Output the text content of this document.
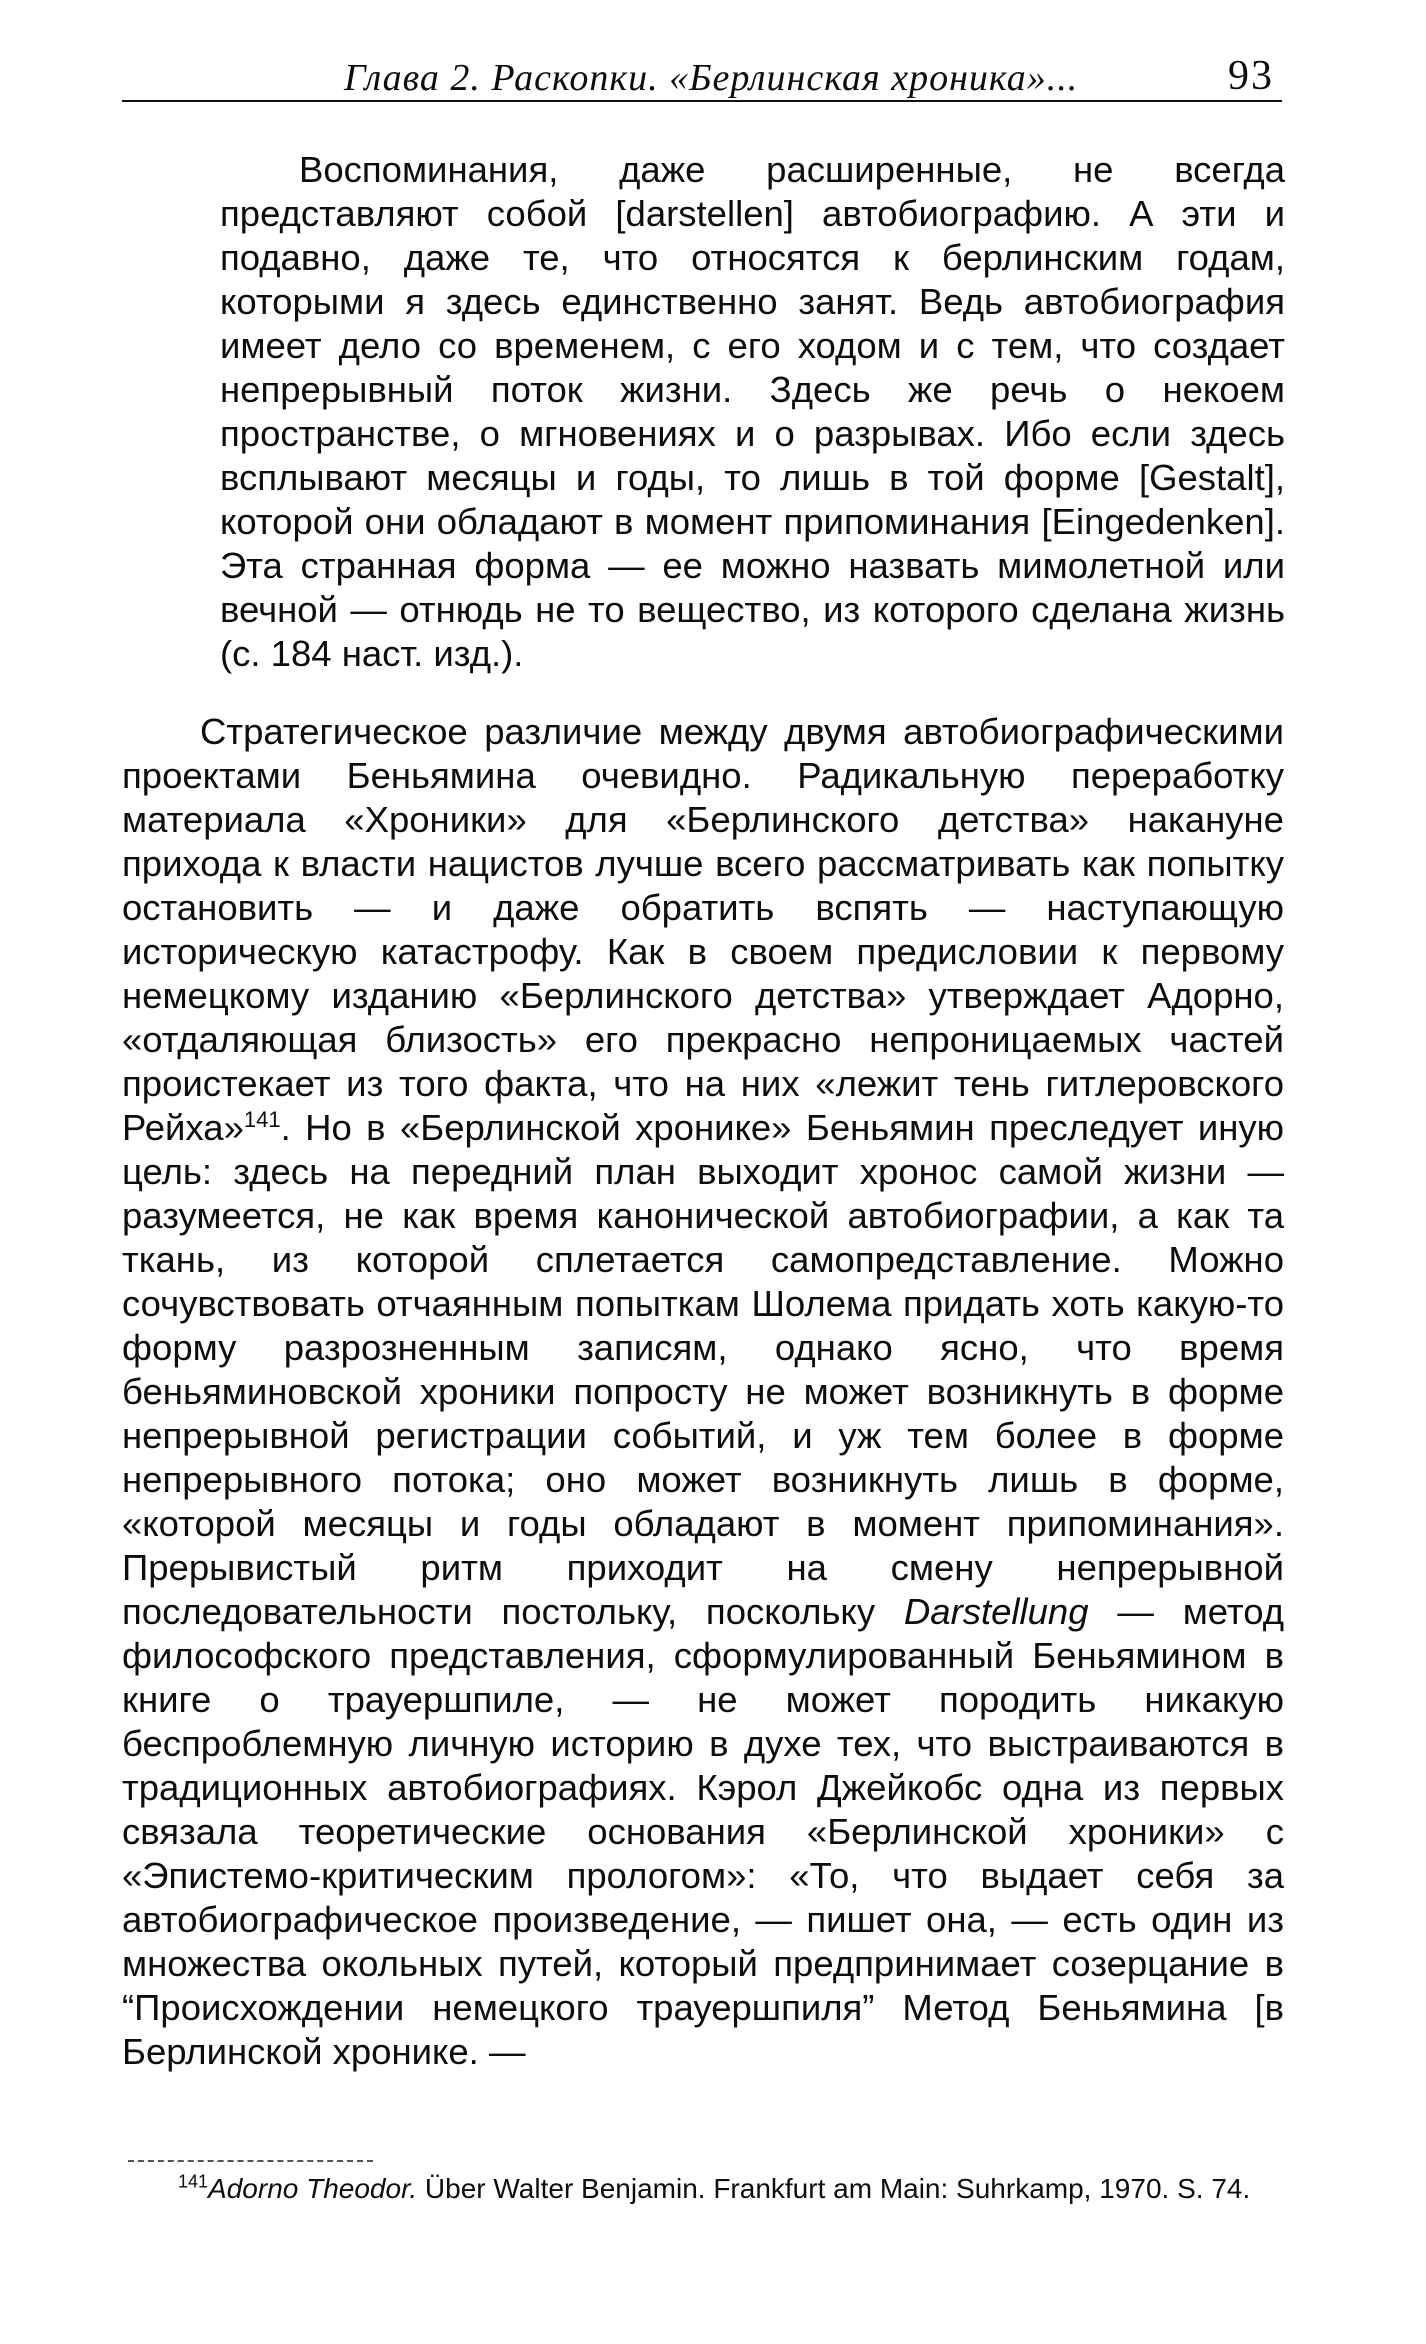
Глава 2. Раскопки. «Берлинская хроника»...	93

Воспоминания, даже расширенные, не всегда представляют собой [darstellen] автобиографию. А эти и подавно, даже те, что относятся к берлинским годам, которыми я здесь единственно занят. Ведь автобиография имеет дело со временем, с его ходом и с тем, что создает непрерывный поток жизни. Здесь же речь о некоем пространстве, о мгновениях и о разрывах. Ибо если здесь всплывают месяцы и годы, то лишь в той форме [Gestalt], которой они обладают в момент припоминания [Eingedenken]. Эта странная форма — ее можно назвать мимолетной или вечной — отнюдь не то вещество, из которого сделана жизнь (с. 184 наст. изд.).

Стратегическое различие между двумя автобиографическими проектами Беньямина очевидно. Радикальную переработку материала «Хроники» для «Берлинского детства» накануне прихода к власти нацистов лучше всего рассматривать как попытку остановить — и даже обратить вспять — наступающую историческую катастрофу. Как в своем предисловии к первому немецкому изданию «Берлинского детства» утверждает Адорно, «отдаляющая близость» его прекрасно непроницаемых частей проистекает из того факта, что на них «лежит тень гитлеровского Рейха»$^{141}$. Но в «Берлинской хронике» Беньямин преследует иную цель: здесь на передний план выходит хронос самой жизни — разумеется, не как время канонической автобиографии, а как та ткань, из которой сплетается самопредставление. Можно сочувствовать отчаянным попыткам Шолема придать хоть какую-то форму разрозненным записям, однако ясно, что время беньяминовской хроники попросту не может возникнуть в форме непрерывной регистрации событий, и уж тем более в форме непрерывного потока; оно может возникнуть лишь в форме, «которой месяцы и годы обладают в момент припоминания». Прерывистый ритм приходит на смену непрерывной последовательности постольку, поскольку Darstellung — метод философского представления, сформулированный Беньямином в книге о трауершпиле, — не может породить никакую беспроблемную личную историю в духе тех, что выстраиваются в традиционных автобиографиях. Кэрол Джейкобс одна из первых связала теоретические основания «Берлинской хроники» с «Эпистемо-критическим прологом»: «То, что выдает себя за автобиографическое произведение, — пишет она, — есть один из множества окольных путей, который предпринимает созерцание в “Происхождении немецкого трауершпиля” Метод Беньямина [в Берлинской хронике. —

$^{141}$Adorno Theodor. Über Walter Benjamin. Frankfurt am Main: Suhrkamp, 1970. S. 74.
